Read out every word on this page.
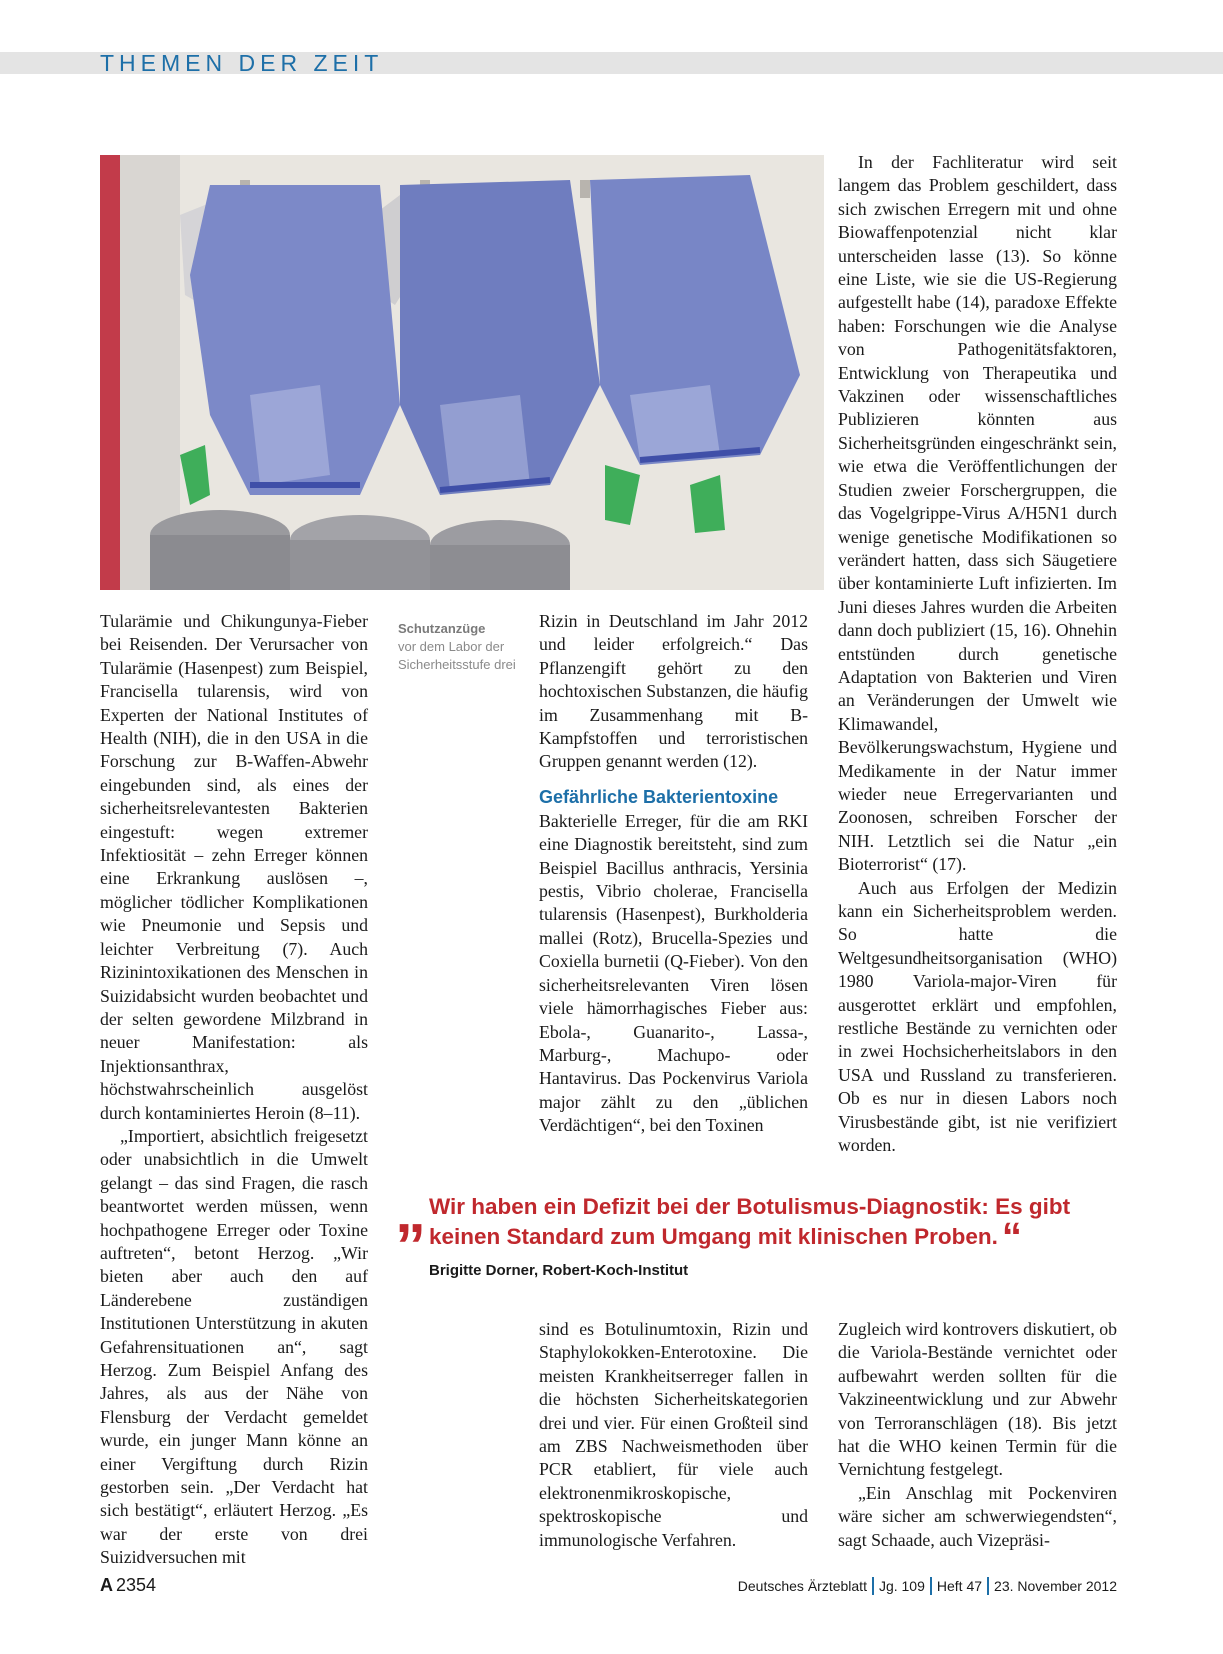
THEMEN DER ZEIT
Schutzanzüge
vor dem Labor der Sicherheitsstufe drei

Tularämie und Chikungunya-Fieber bei Reisenden. Der Verursacher von Tularämie (Hasenpest) zum Beispiel, Francisella tularensis, wird von Experten der National Institutes of Health (NIH), die in den USA in die Forschung zur B-Waffen-Abwehr eingebunden sind, als eines der sicherheitsrelevantesten Bakterien eingestuft: wegen extremer Infektiosität – zehn Erreger können eine Erkrankung auslösen –, möglicher tödlicher Komplikationen wie Pneumonie und Sepsis und leichter Verbreitung (7). Auch Rizinintoxikationen des Menschen in Suizidabsicht wurden beobachtet und der selten gewordene Milzbrand in neuer Manifestation: als Injektionsanthrax, höchstwahrscheinlich ausgelöst durch kontaminiertes Heroin (8–11).

„Importiert, absichtlich freigesetzt oder unabsichtlich in die Umwelt gelangt – das sind Fragen, die rasch beantwortet werden müssen, wenn hochpathogene Erreger oder Toxine auftreten“, betont Herzog. „Wir bieten aber auch den auf Länderebene zuständigen Institutionen Unterstützung in akuten Gefahrensituationen an“, sagt Herzog. Zum Beispiel Anfang des Jahres, als aus der Nähe von Flensburg der Verdacht gemeldet wurde, ein junger Mann könne an einer Vergiftung durch Rizin gestorben sein. „Der Verdacht hat sich bestätigt“, erläutert Herzog. „Es war der erste von drei Suizidversuchen mit

Rizin in Deutschland im Jahr 2012 und leider erfolgreich.“ Das Pflanzengift gehört zu den hochtoxischen Substanzen, die häufig im Zusammenhang mit B-Kampfstoffen und terroristischen Gruppen genannt werden (12).

Gefährliche Bakterientoxine

Bakterielle Erreger, für die am RKI eine Diagnostik bereitsteht, sind zum Beispiel Bacillus anthracis, Yersinia pestis, Vibrio cholerae, Francisella tularensis (Hasenpest), Burkholderia mallei (Rotz), Brucella-Spezies und Coxiella burnetii (Q-Fieber). Von den sicherheitsrelevanten Viren lösen viele hämorrhagisches Fieber aus: Ebola-, Guanarito-, Lassa-, Marburg-, Machupo- oder Hantavirus. Das Pockenvirus Variola major zählt zu den „üblichen Verdächtigen“, bei den Toxinen

In der Fachliteratur wird seit langem das Problem geschildert, dass sich zwischen Erregern mit und ohne Biowaffenpotenzial nicht klar unterscheiden lasse (13). So könne eine Liste, wie sie die US-Regierung aufgestellt habe (14), paradoxe Effekte haben: Forschungen wie die Analyse von Pathogenitätsfaktoren, Entwicklung von Therapeutika und Vakzinen oder wissenschaftliches Publizieren könnten aus Sicherheitsgründen eingeschränkt sein, wie etwa die Veröffentlichungen der Studien zweier Forschergruppen, die das Vogelgrippe-Virus A/H5N1 durch wenige genetische Modifikationen so verändert hatten, dass sich Säugetiere über kontaminierte Luft infizierten. Im Juni dieses Jahres wurden die Arbeiten dann doch publiziert (15, 16). Ohnehin entstünden durch genetische Adaptation von Bakterien und Viren an Veränderungen der Umwelt wie Klimawandel, Bevölkerungswachstum, Hygiene und Medikamente in der Natur immer wieder neue Erregervarianten und Zoonosen, schreiben Forscher der NIH. Letztlich sei die Natur „ein Bioterrorist“ (17).

Auch aus Erfolgen der Medizin kann ein Sicherheitsproblem werden. So hatte die Weltgesundheitsorganisation (WHO) 1980 Variola-major-Viren für ausgerottet erklärt und empfohlen, restliche Bestände zu vernichten oder in zwei Hochsicherheitslabors in den USA und Russland zu transferieren. Ob es nur in diesen Labors noch Virusbestände gibt, ist nie verifiziert worden.

„ Wir haben ein Defizit bei der Botulismus-Diagnostik: Es gibt keinen Standard zum Umgang mit klinischen Proben. “
Brigitte Dorner, Robert-Koch-Institut

sind es Botulinumtoxin, Rizin und Staphylokokken-Enterotoxine. Die meisten Krankheitserreger fallen in die höchsten Sicherheitskategorien drei und vier. Für einen Großteil sind am ZBS Nachweismethoden über PCR etabliert, für viele auch elektronenmikroskopische, spektroskopische und immunologische Verfahren.

Zugleich wird kontrovers diskutiert, ob die Variola-Bestände vernichtet oder aufbewahrt werden sollten für die Vakzineentwicklung und zur Abwehr von Terroranschlägen (18). Bis jetzt hat die WHO keinen Termin für die Vernichtung festgelegt.

„Ein Anschlag mit Pockenviren wäre sicher am schwerwiegendsten“, sagt Schaade, auch Vizepräsi-

A 2354	Deutsches Ärzteblatt Jg. 109 Heft 47 23. November 2012
